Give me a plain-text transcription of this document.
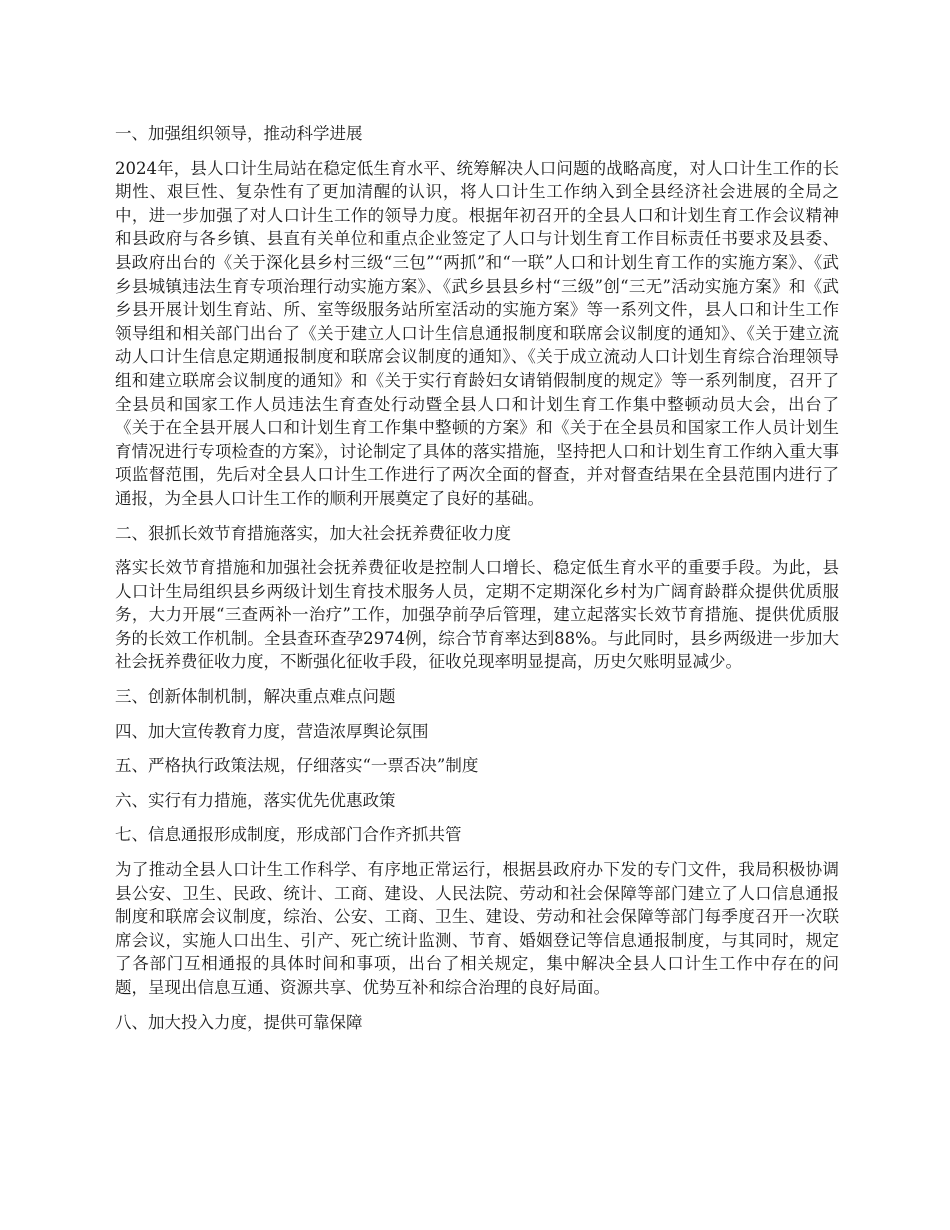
一、加强组织领导，推动科学进展

2024年，县人口计生局站在稳定低生育水平、统筹解决人口问题的战略高度，对人口计生工作的长期性、艰巨性、复杂性有了更加清醒的认识，将人口计生工作纳入到全县经济社会进展的全局之中，进一步加强了对人口计生工作的领导力度。根据年初召开的全县人口和计划生育工作会议精神和县政府与各乡镇、县直有关单位和重点企业签定了人口与计划生育工作目标责任书要求及县委、县政府出台的《关于深化县乡村三级“三包”“两抓”和“一联”人口和计划生育工作的实施方案》、《武乡县城镇违法生育专项治理行动实施方案》、《武乡县县乡村“三级”创“三无”活动实施方案》和《武乡县开展计划生育站、所、室等级服务站所室活动的实施方案》等一系列文件，县人口和计生工作领导组和相关部门出台了《关于建立人口计生信息通报制度和联席会议制度的通知》、《关于建立流动人口计生信息定期通报制度和联席会议制度的通知》、《关于成立流动人口计划生育综合治理领导组和建立联席会议制度的通知》和《关于实行育龄妇女请销假制度的规定》等一系列制度，召开了全县员和国家工作人员违法生育查处行动暨全县人口和计划生育工作集中整顿动员大会，出台了《关于在全县开展人口和计划生育工作集中整顿的方案》和《关于在全县员和国家工作人员计划生育情况进行专项检查的方案》，讨论制定了具体的落实措施，坚持把人口和计划生育工作纳入重大事项监督范围，先后对全县人口计生工作进行了两次全面的督查，并对督查结果在全县范围内进行了通报，为全县人口计生工作的顺利开展奠定了良好的基础。

二、狠抓长效节育措施落实，加大社会抚养费征收力度

落实长效节育措施和加强社会抚养费征收是控制人口增长、稳定低生育水平的重要手段。为此，县人口计生局组织县乡两级计划生育技术服务人员，定期不定期深化乡村为广阔育龄群众提供优质服务，大力开展“三查两补一治疗”工作，加强孕前孕后管理，建立起落实长效节育措施、提供优质服务的长效工作机制。全县查环查孕2974例，综合节育率达到88%。与此同时，县乡两级进一步加大社会抚养费征收力度，不断强化征收手段，征收兑现率明显提高，历史欠账明显减少。

三、创新体制机制，解决重点难点问题

四、加大宣传教育力度，营造浓厚舆论氛围

五、严格执行政策法规，仔细落实“一票否决”制度

六、实行有力措施，落实优先优惠政策

七、信息通报形成制度，形成部门合作齐抓共管

为了推动全县人口计生工作科学、有序地正常运行，根据县政府办下发的专门文件，我局积极协调县公安、卫生、民政、统计、工商、建设、人民法院、劳动和社会保障等部门建立了人口信息通报制度和联席会议制度，综治、公安、工商、卫生、建设、劳动和社会保障等部门每季度召开一次联席会议，实施人口出生、引产、死亡统计监测、节育、婚姻登记等信息通报制度，与其同时，规定了各部门互相通报的具体时间和事项，出台了相关规定，集中解决全县人口计生工作中存在的问题，呈现出信息互通、资源共享、优势互补和综合治理的良好局面。

八、加大投入力度，提供可靠保障
